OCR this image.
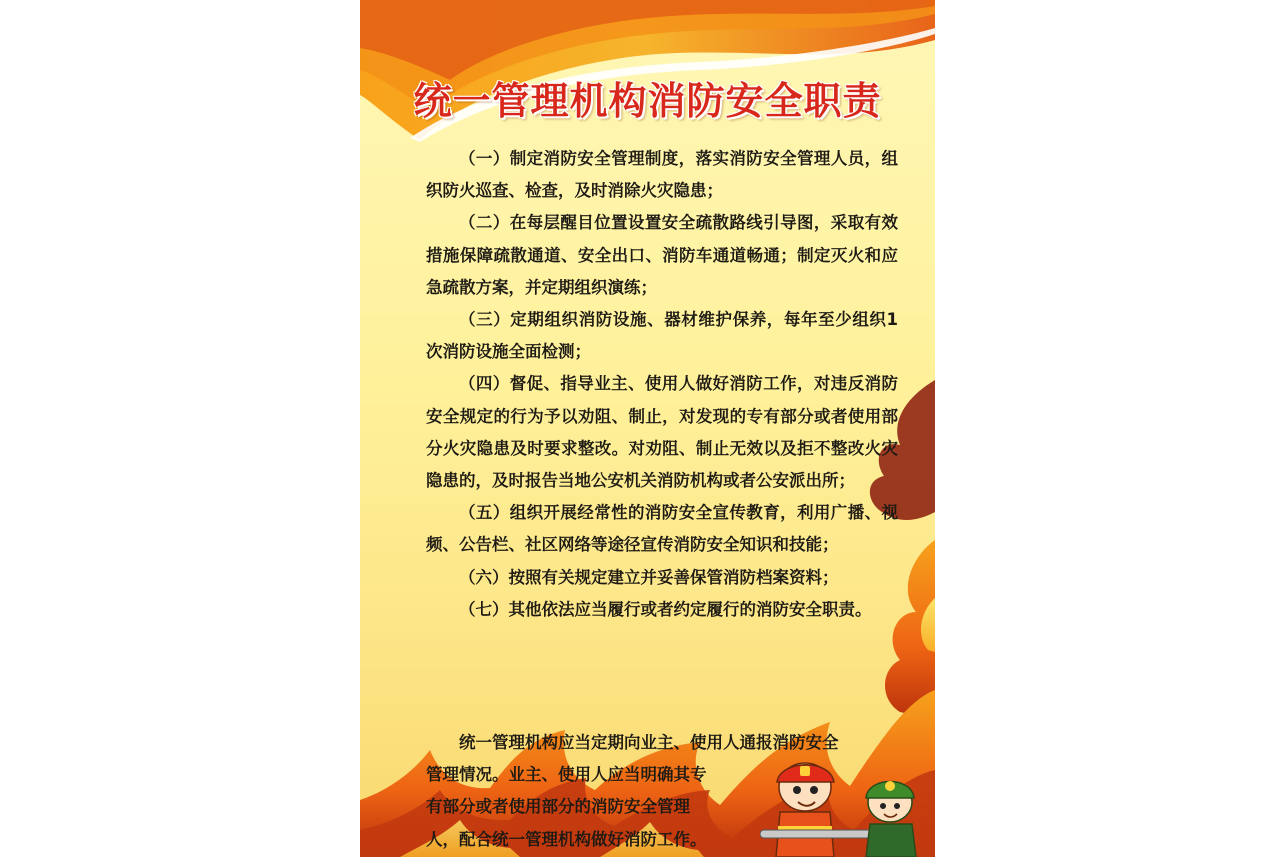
统一管理机构消防安全职责

（一）制定消防安全管理制度，落实消防安全管理人员，组织防火巡查、检查，及时消除火灾隐患；

（二）在每层醒目位置设置安全疏散路线引导图，采取有效措施保障疏散通道、安全出口、消防车通道畅通；制定灭火和应急疏散方案，并定期组织演练；

（三）定期组织消防设施、器材维护保养，每年至少组织1次消防设施全面检测；

（四）督促、指导业主、使用人做好消防工作，对违反消防安全规定的行为予以劝阻、制止，对发现的专有部分或者使用部分火灾隐患及时要求整改。对劝阻、制止无效以及拒不整改火灾隐患的，及时报告当地公安机关消防机构或者公安派出所；

（五）组织开展经常性的消防安全宣传教育，利用广播、视频、公告栏、社区网络等途径宣传消防安全知识和技能；

（六）按照有关规定建立并妥善保管消防档案资料；

（七）其他依法应当履行或者约定履行的消防安全职责。

统一管理机构应当定期向业主、使用人通报消防安全

管理情况。业主、使用人应当明确其专

有部分或者使用部分的消防安全管理

人，配合统一管理机构做好消防工作。
